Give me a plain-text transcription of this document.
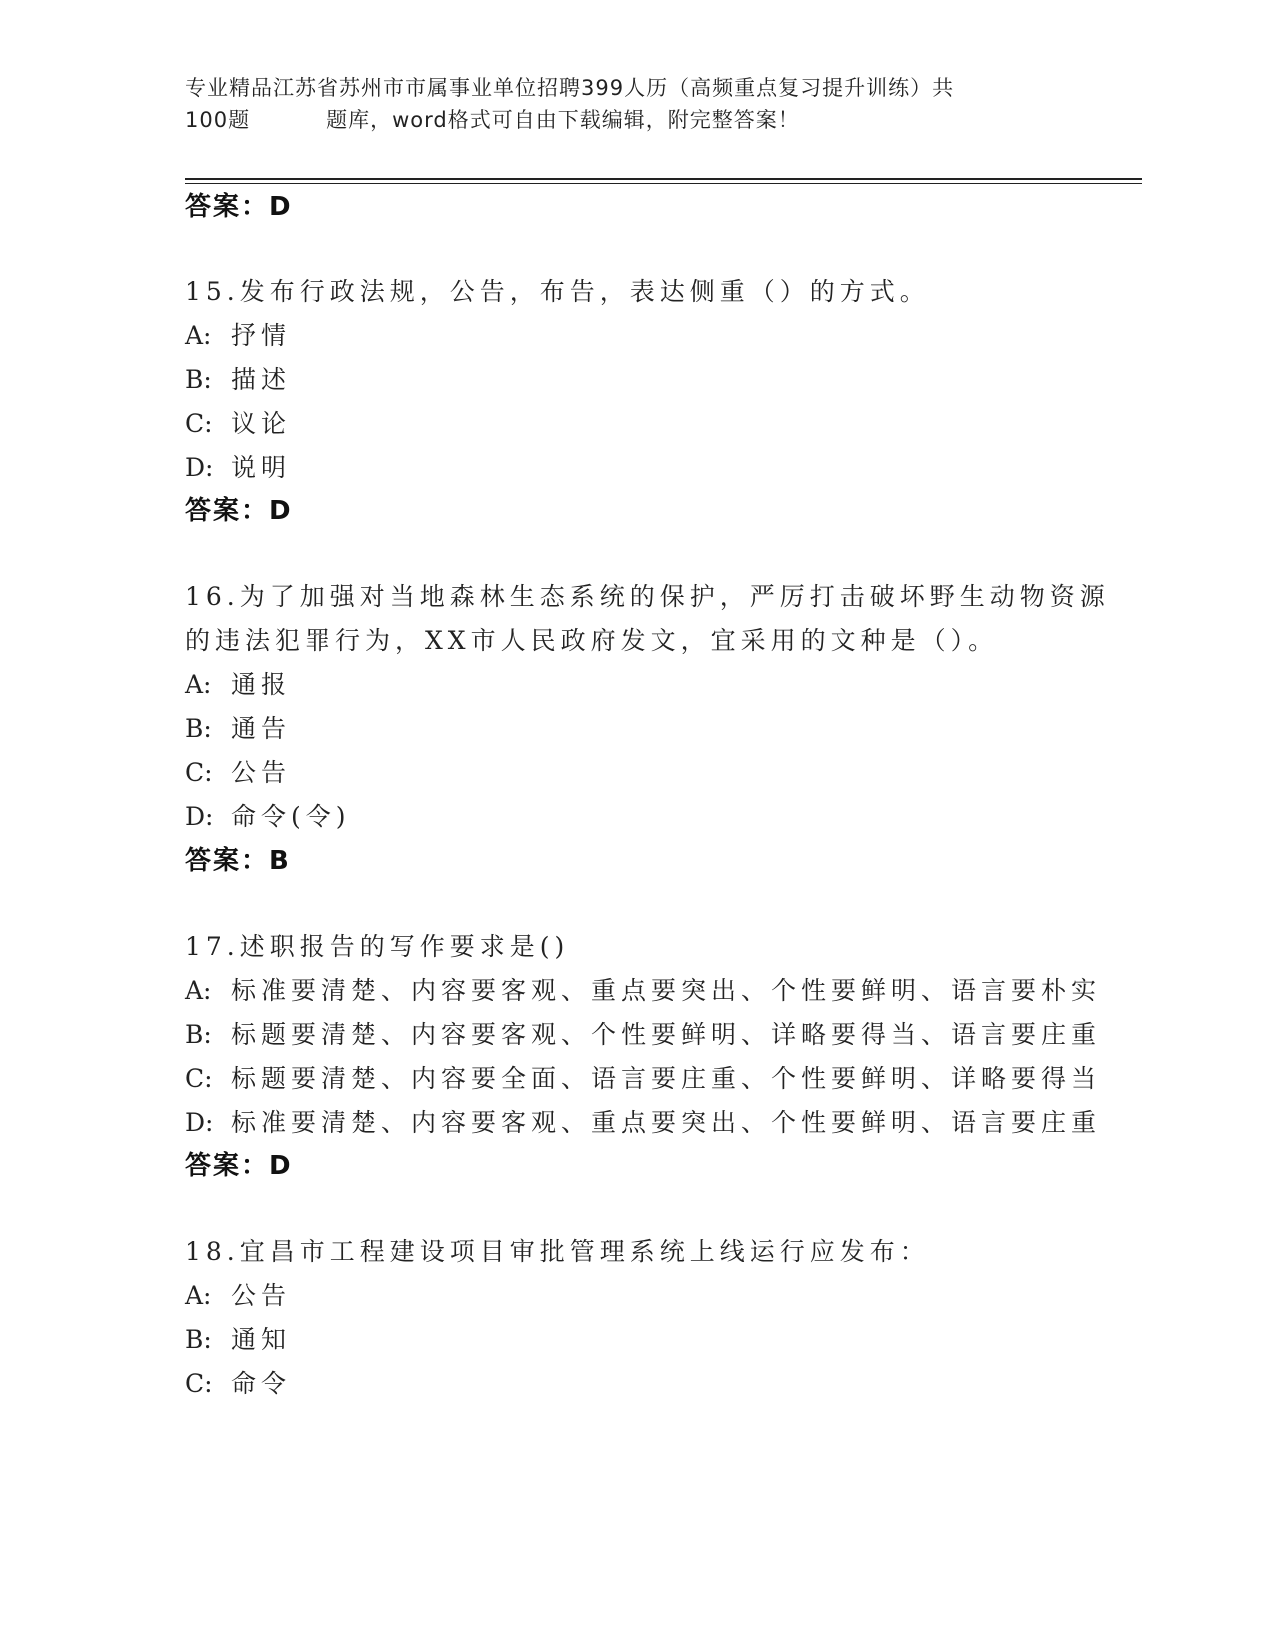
专业精品江苏省苏州市市属事业单位招聘399人历（高频重点复习提升训练）共
100题	题库，word格式可自由下载编辑，附完整答案！
答案：D
15.发布行政法规，公告，布告，表达侧重（）的方式。
A: 抒情
B: 描述
C: 议论
D: 说明
答案：D
16.为了加强对当地森林生态系统的保护，严厉打击破坏野生动物资源
的违法犯罪行为，XX市人民政府发文，宜采用的文种是（）。
A: 通报
B: 通告
C: 公告
D: 命令(令)
答案：B
17.述职报告的写作要求是()
A: 标准要清楚、内容要客观、重点要突出、个性要鲜明、语言要朴实
B: 标题要清楚、内容要客观、个性要鲜明、详略要得当、语言要庄重
C: 标题要清楚、内容要全面、语言要庄重、个性要鲜明、详略要得当
D: 标准要清楚、内容要客观、重点要突出、个性要鲜明、语言要庄重
答案：D
18.宜昌市工程建设项目审批管理系统上线运行应发布：
A: 公告
B: 通知
C: 命令
